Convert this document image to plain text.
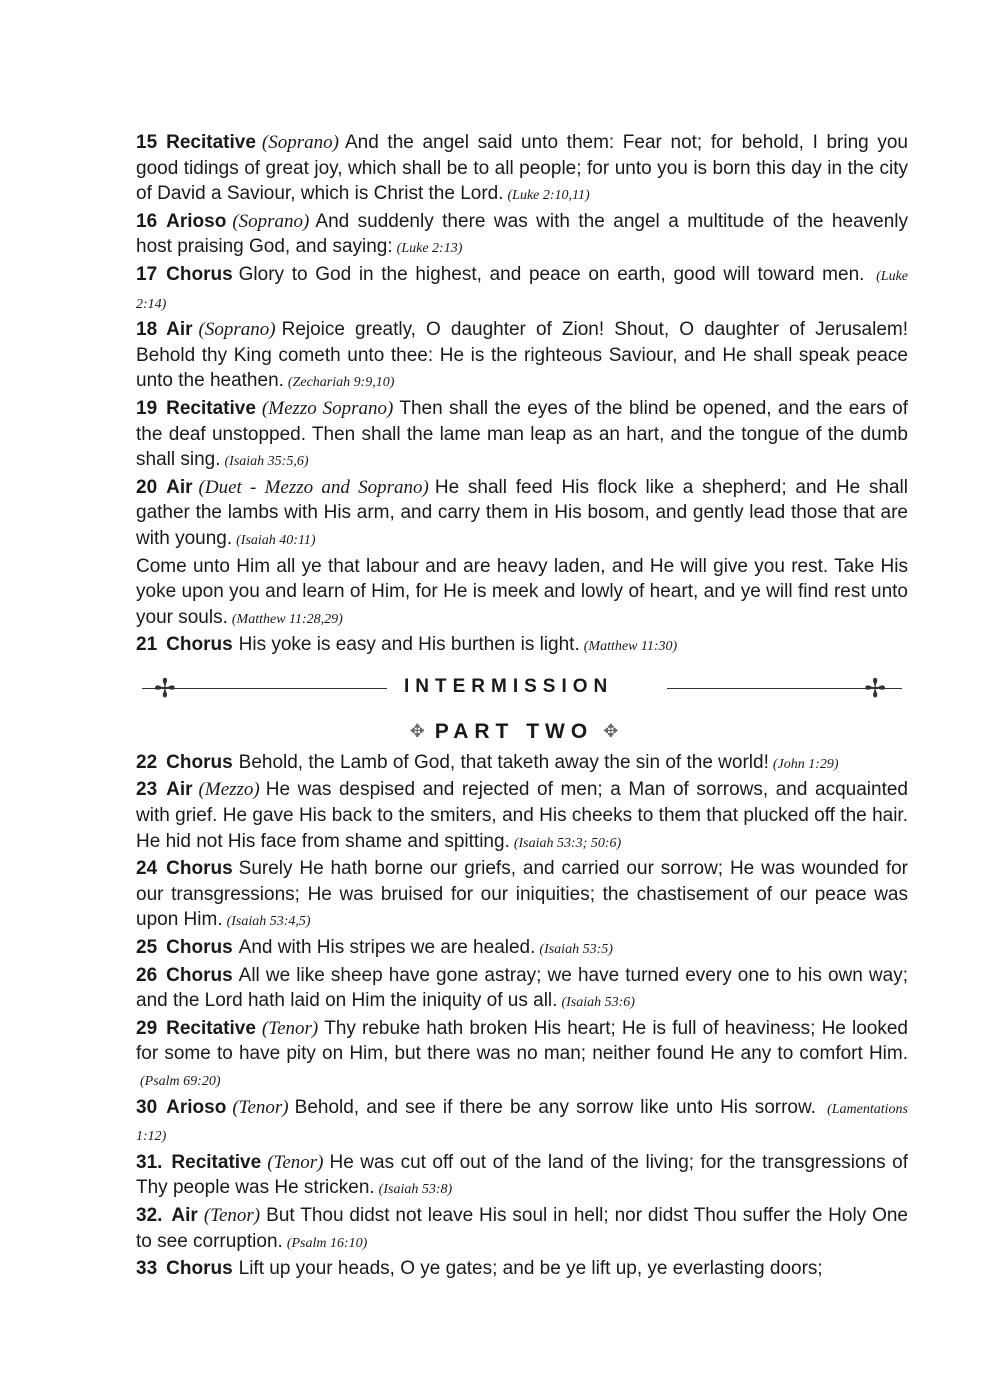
15 Recitative (Soprano) And the angel said unto them: Fear not; for behold, I bring you good tidings of great joy, which shall be to all people; for unto you is born this day in the city of David a Saviour, which is Christ the Lord. (Luke 2:10,11)

16 Arioso (Soprano) And suddenly there was with the angel a multitude of the heavenly host praising God, and saying: (Luke 2:13)

17 Chorus Glory to God in the highest, and peace on earth, good will toward men. (Luke 2:14)

18 Air (Soprano) Rejoice greatly, O daughter of Zion! Shout, O daughter of Jerusalem! Behold thy King cometh unto thee: He is the righteous Saviour, and He shall speak peace unto the heathen. (Zechariah 9:9,10)

19 Recitative (Mezzo Soprano) Then shall the eyes of the blind be opened, and the ears of the deaf unstopped. Then shall the lame man leap as an hart, and the tongue of the dumb shall sing. (Isaiah 35:5,6)

20 Air (Duet - Mezzo and Soprano) He shall feed His flock like a shepherd; and He shall gather the lambs with His arm, and carry them in His bosom, and gently lead those that are with young. (Isaiah 40:11)

Come unto Him all ye that labour and are heavy laden, and He will give you rest. Take His yoke upon you and learn of Him, for He is meek and lowly of heart, and ye will find rest unto your souls. (Matthew 11:28,29)

21 Chorus His yoke is easy and His burthen is light. (Matthew 11:30)

✢	INTERMISSION	✢
✥ PART TWO ✥

22 Chorus Behold, the Lamb of God, that taketh away the sin of the world! (John 1:29)

23 Air (Mezzo) He was despised and rejected of men; a Man of sorrows, and acquainted with grief. He gave His back to the smiters, and His cheeks to them that plucked off the hair. He hid not His face from shame and spitting. (Isaiah 53:3; 50:6)

24 Chorus Surely He hath borne our griefs, and carried our sorrow; He was wounded for our transgressions; He was bruised for our iniquities; the chastisement of our peace was upon Him. (Isaiah 53:4,5)

25 Chorus And with His stripes we are healed. (Isaiah 53:5)

26 Chorus All we like sheep have gone astray; we have turned every one to his own way; and the Lord hath laid on Him the iniquity of us all. (Isaiah 53:6)

29 Recitative (Tenor) Thy rebuke hath broken His heart; He is full of heaviness; He looked for some to have pity on Him, but there was no man; neither found He any to comfort Him.(Psalm 69:20)

30 Arioso (Tenor) Behold, and see if there be any sorrow like unto His sorrow. (Lamentations 1:12)

31. Recitative (Tenor) He was cut off out of the land of the living; for the transgressions of Thy people was He stricken. (Isaiah 53:8)

32. Air (Tenor) But Thou didst not leave His soul in hell; nor didst Thou suffer the Holy One to see corruption. (Psalm 16:10)

33 Chorus Lift up your heads, O ye gates; and be ye lift up, ye everlasting doors;
